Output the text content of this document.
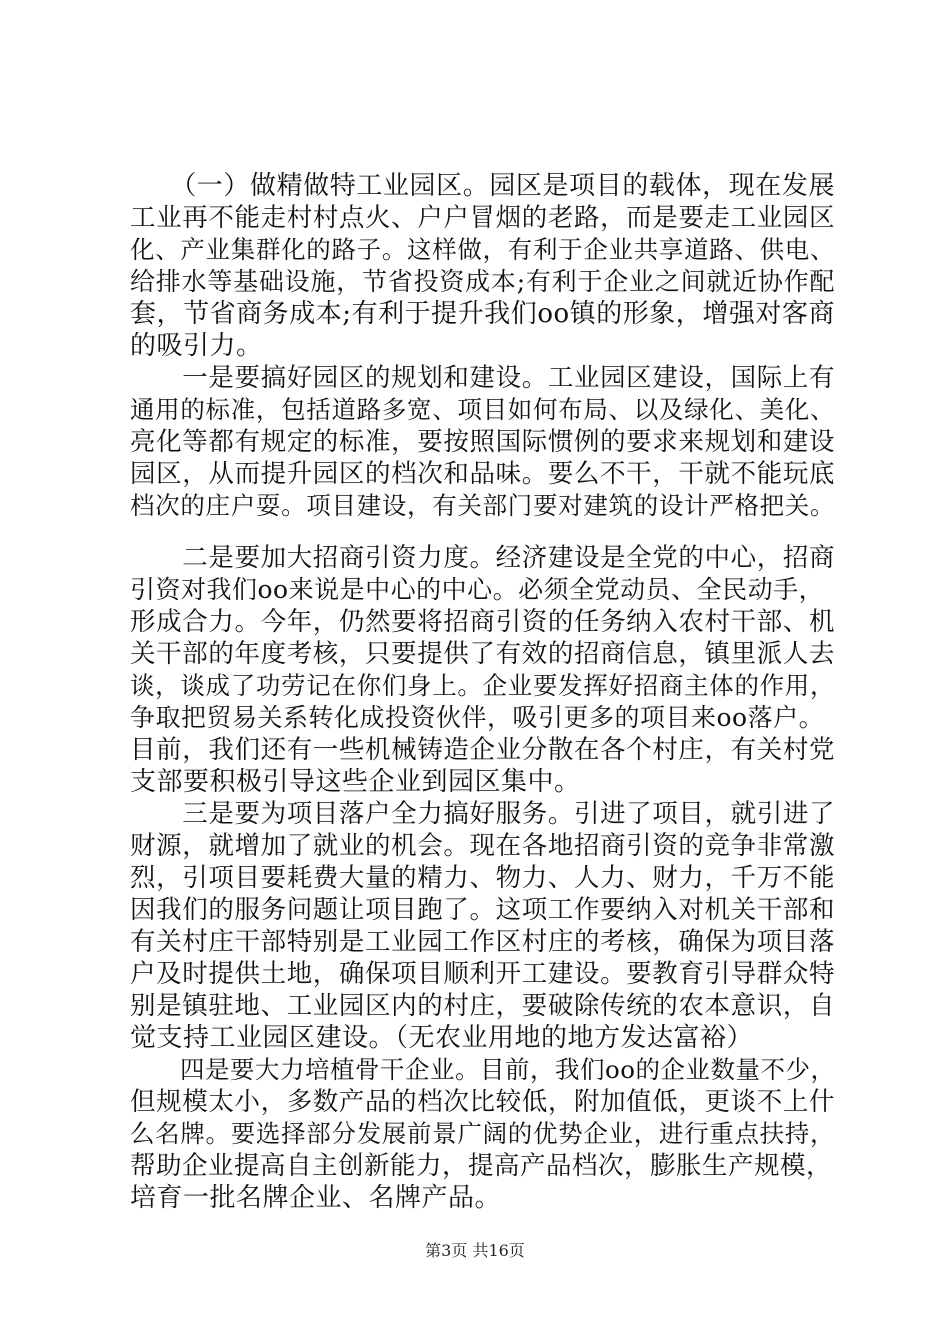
　　（一）做精做特工业园区。园区是项目的载体，现在发展
工业再不能走村村点火、户户冒烟的老路，而是要走工业园区
化、产业集群化的路子。这样做，有利于企业共享道路、供电、
给排水等基础设施，节省投资成本;有利于企业之间就近协作配
套，节省商务成本;有利于提升我们oo镇的形象，增强对客商
的吸引力。
　　一是要搞好园区的规划和建设。工业园区建设，国际上有
通用的标准，包括道路多宽、项目如何布局、以及绿化、美化、
亮化等都有规定的标准，要按照国际惯例的要求来规划和建设
园区，从而提升园区的档次和品味。要么不干，干就不能玩底
档次的庄户耍。项目建设，有关部门要对建筑的设计严格把关。
　　二是要加大招商引资力度。经济建设是全党的中心，招商
引资对我们oo来说是中心的中心。必须全党动员、全民动手，
形成合力。今年，仍然要将招商引资的任务纳入农村干部、机
关干部的年度考核，只要提供了有效的招商信息，镇里派人去
谈，谈成了功劳记在你们身上。企业要发挥好招商主体的作用，
争取把贸易关系转化成投资伙伴，吸引更多的项目来oo落户。
目前，我们还有一些机械铸造企业分散在各个村庄，有关村党
支部要积极引导这些企业到园区集中。
　　三是要为项目落户全力搞好服务。引进了项目，就引进了
财源，就增加了就业的机会。现在各地招商引资的竞争非常激
烈，引项目要耗费大量的精力、物力、人力、财力，千万不能
因我们的服务问题让项目跑了。这项工作要纳入对机关干部和
有关村庄干部特别是工业园工作区村庄的考核，确保为项目落
户及时提供土地，确保项目顺利开工建设。要教育引导群众特
别是镇驻地、工业园区内的村庄，要破除传统的农本意识，自
觉支持工业园区建设。（无农业用地的地方发达富裕）
　　四是要大力培植骨干企业。目前，我们oo的企业数量不少，
但规模太小，多数产品的档次比较低，附加值低，更谈不上什
么名牌。要选择部分发展前景广阔的优势企业，进行重点扶持，
帮助企业提高自主创新能力，提高产品档次，膨胀生产规模，
培育一批名牌企业、名牌产品。
第3页 共16页
